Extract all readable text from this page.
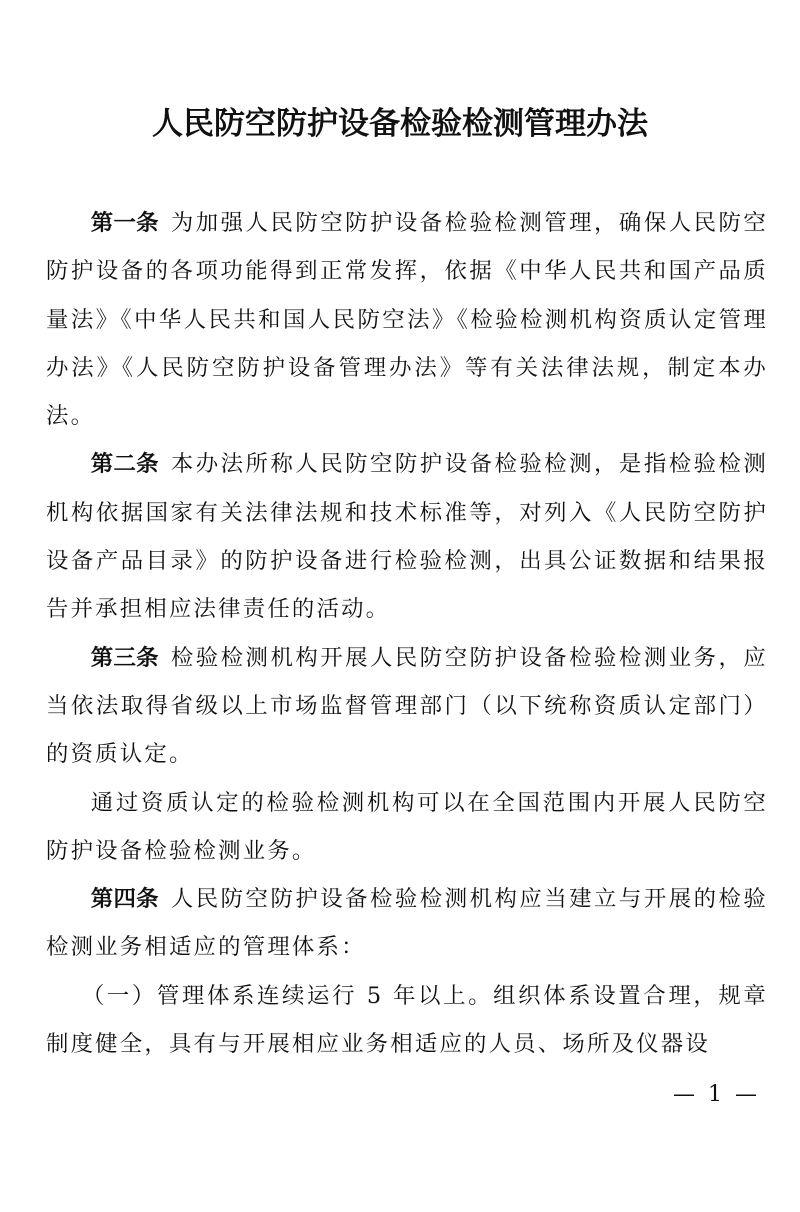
人民防空防护设备检验检测管理办法

第一条 为加强人民防空防护设备检验检测管理，确保人民防空防护设备的各项功能得到正常发挥，依据《中华人民共和国产品质量法》《中华人民共和国人民防空法》《检验检测机构资质认定管理办法》《人民防空防护设备管理办法》等有关法律法规，制定本办法。

第二条 本办法所称人民防空防护设备检验检测，是指检验检测机构依据国家有关法律法规和技术标准等，对列入《人民防空防护设备产品目录》的防护设备进行检验检测，出具公证数据和结果报告并承担相应法律责任的活动。

第三条 检验检测机构开展人民防空防护设备检验检测业务，应当依法取得省级以上市场监督管理部门（以下统称资质认定部门）的资质认定。

通过资质认定的检验检测机构可以在全国范围内开展人民防空防护设备检验检测业务。

第四条 人民防空防护设备检验检测机构应当建立与开展的检验检测业务相适应的管理体系：

（一）管理体系连续运行 5 年以上。组织体系设置合理，规章制度健全，具有与开展相应业务相适应的人员、场所及仪器设

— 1 —
